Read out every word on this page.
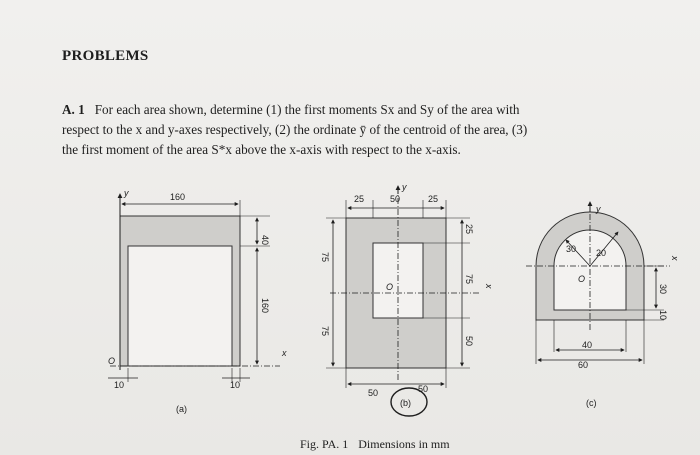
PROBLEMS
A. 1 For each area shown, determine (1) the first moments Sx and Sy of the area with
respect to the x and y-axes respectively, (2) the ordinate ȳ of the centroid of the area, (3)
the first moment of the area S*x above the x-axis with respect to the x-axis.
y
x
O
160
40
160
10	10
(a)
y
x
O
25	50	25
75
75
25
75
50
50	50
(b)
y
x
O
30 20
30
10
40
60
(c)
Fig. PA. 1 Dimensions in mm
